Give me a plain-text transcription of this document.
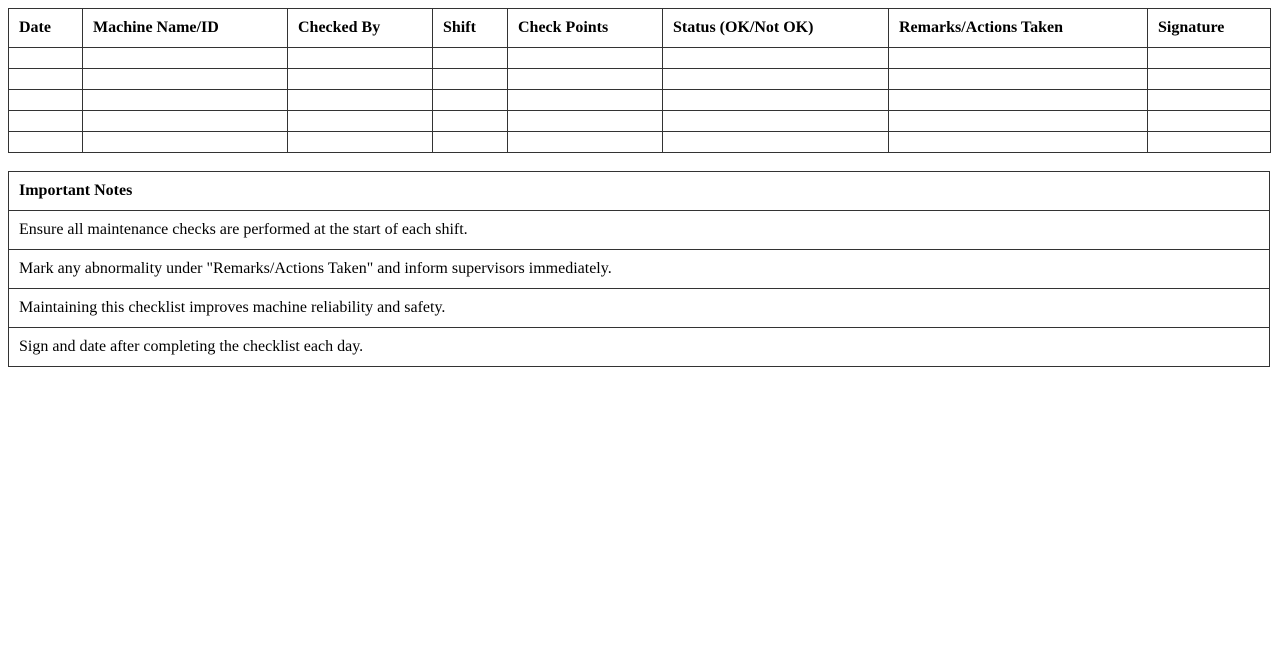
Date	Machine Name/ID	Checked By	Shift	Check Points	Status (OK/Not OK)	Remarks/Actions Taken	Signature

Important Notes
Ensure all maintenance checks are performed at the start of each shift.
Mark any abnormality under "Remarks/Actions Taken" and inform supervisors immediately.
Maintaining this checklist improves machine reliability and safety.
Sign and date after completing the checklist each day.
